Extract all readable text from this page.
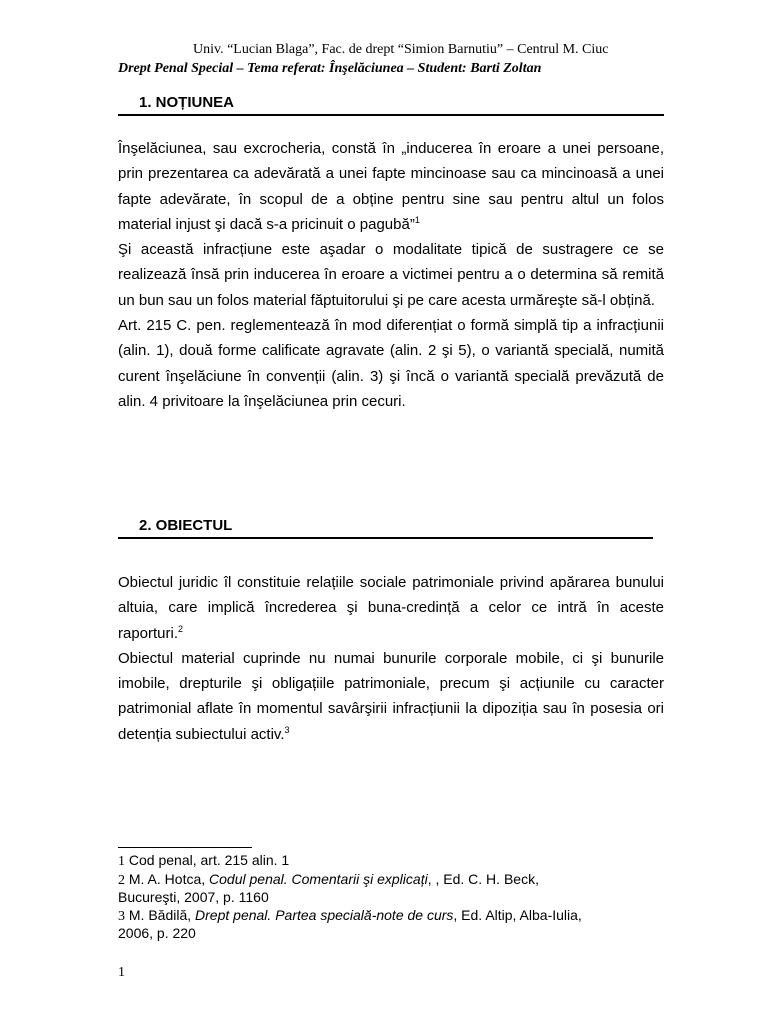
Univ. “Lucian Blaga”, Fac. de drept “Simion Barnutiu” – Centrul M. Ciuc
Drept Penal Special – Tema referat: Înşelăciunea – Student: Barti Zoltan
1. NOȚIUNEA

Înşelăciunea, sau excrocheria, constă în „inducerea în eroare a unei persoane, prin prezentarea ca adevărată a unei fapte mincinoase sau ca mincinoasă a unei fapte adevărate, în scopul de a obține pentru sine sau pentru altul un folos material injust şi dacă s-a pricinuit o pagubă”$^1$

Şi această infracțiune este aşadar o modalitate tipică de sustragere ce se realizează însă prin inducerea în eroare a victimei pentru a o determina să remită un bun sau un folos material făptuitorului şi pe care acesta urmăreşte să-l obțină.

Art. 215 C. pen. reglementează în mod diferențiat o formă simplă tip a infracțiunii (alin. 1), două forme calificate agravate (alin. 2 şi 5), o variantă specială, numită curent înşelăciune în convenții (alin. 3) şi încă o variantă specială prevăzută de alin. 4 privitoare la înşelăciunea prin cecuri.

2. OBIECTUL

Obiectul juridic îl constituie relațiile sociale patrimoniale privind apărarea bunului altuia, care implică încrederea şi buna-credință a celor ce intră în aceste raporturi.$^2$

Obiectul material cuprinde nu numai bunurile corporale mobile, ci şi bunurile imobile, drepturile şi obligațiile patrimoniale, precum şi acțiunile cu caracter patrimonial aflate în momentul savârşirii infracțiunii la dipoziția sau în posesia ori detenția subiectului activ.$^3$

1 Cod penal, art. 215 alin. 1

2 M. A. Hotca, Codul penal. Comentarii şi explicați, , Ed. C. H. Beck, Bucureşti, 2007, p. 1160

3 M. Bădilă, Drept penal. Partea specială-note de curs, Ed. Altip, Alba-Iulia, 2006, p. 220

1
